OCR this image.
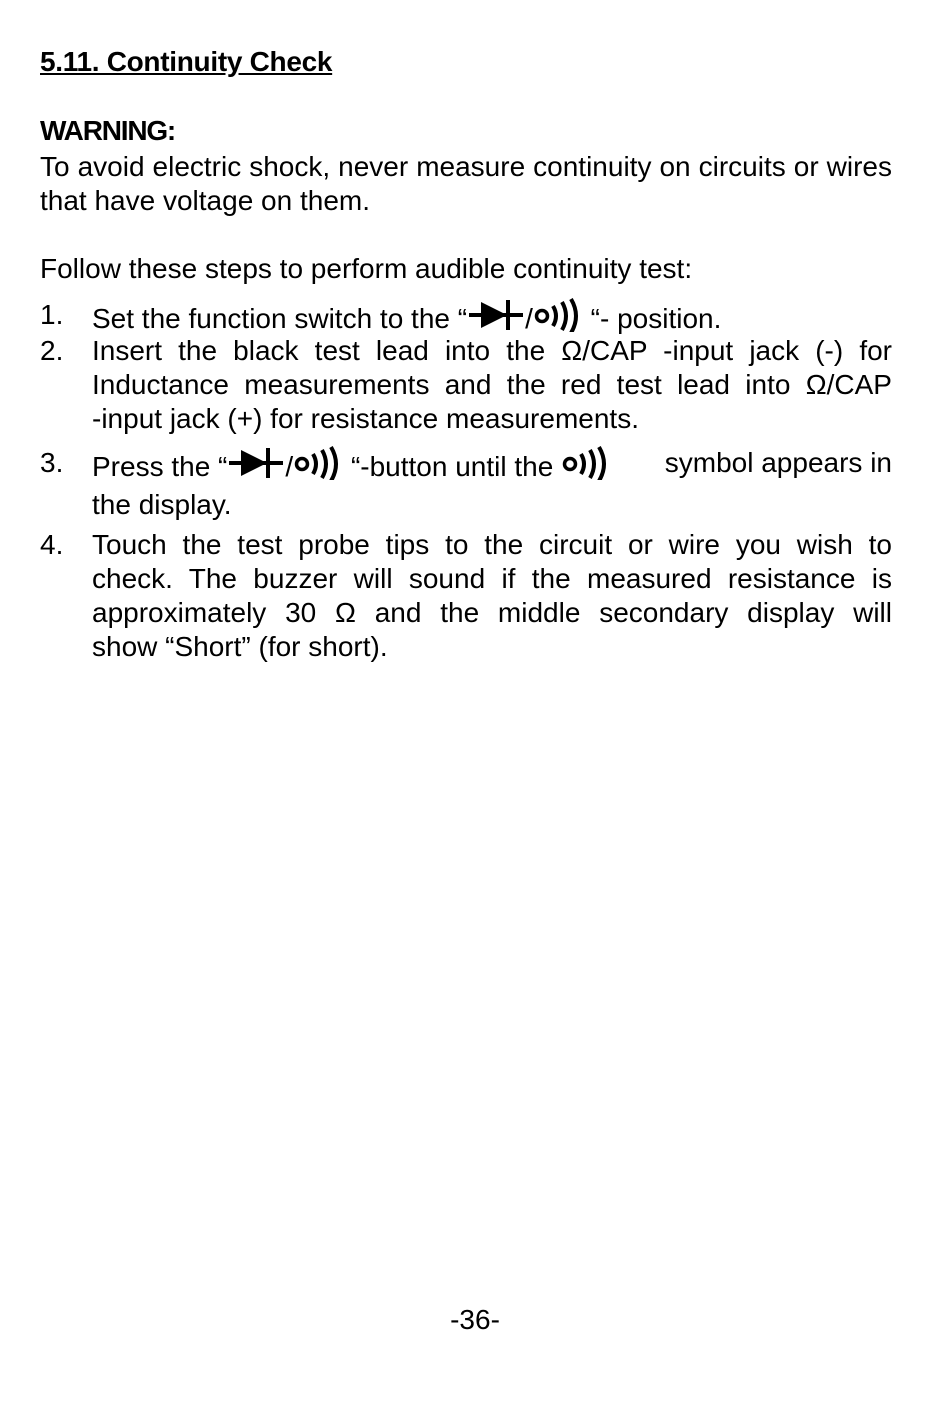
5.11. Continuity Check
WARNING:
To avoid electric shock, never measure continuity on circuits or wires that have voltage on them.
Follow these steps to perform audible continuity test:
1. Set the function switch to the “ / “- position.
2. Insert the black test lead into the Ω/CAP -input jack (-) for
Inductance measurements and the red test lead into Ω/CAP
-input jack (+) for resistance measurements.
3. Press the “ / “-button until the	symbol appears in
the display.
4. Touch the test probe tips to the circuit or wire you wish to
check. The buzzer will sound if the measured resistance is
approximately 30 Ω and the middle secondary display will
show “Short” (for short).
-36-
